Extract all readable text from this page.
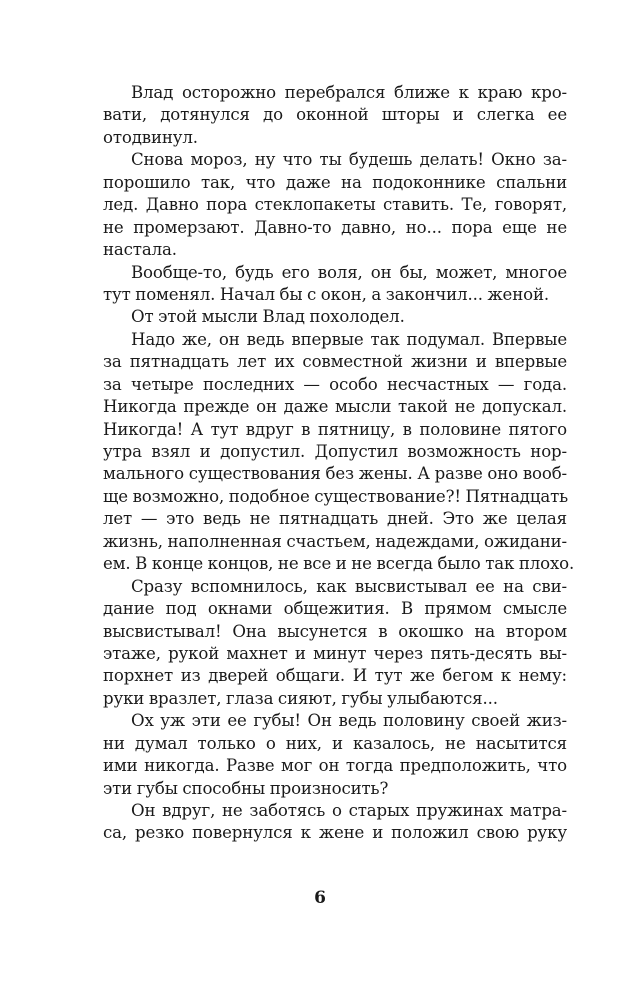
Влад осторожно перебрался ближе к краю кро-
вати, дотянулся до оконной шторы и слегка ее
отодвинул.
Снова мороз, ну что ты будешь делать! Окно за-
порошило так, что даже на подоконнике спальни
лед. Давно пора стеклопакеты ставить. Те, говорят,
не промерзают. Давно-то давно, но... пора еще не
настала.
Вообще-то, будь его воля, он бы, может, многое
тут поменял. Начал бы с окон, а закончил... женой.
От этой мысли Влад похолодел.
Надо же, он ведь впервые так подумал. Впервые
за пятнадцать лет их совместной жизни и впервые
за четыре последних — особо несчастных — года.
Никогда прежде он даже мысли такой не допускал.
Никогда! А тут вдруг в пятницу, в половине пятого
утра взял и допустил. Допустил возможность нор-
мального существования без жены. А разве оно вооб-
ще возможно, подобное существование?! Пятнадцать
лет — это ведь не пятнадцать дней. Это же целая
жизнь, наполненная счастьем, надеждами, ожидани-
ем. В конце концов, не все и не всегда было так плохо.
Сразу вспомнилось, как высвистывал ее на сви-
дание под окнами общежития. В прямом смысле
высвистывал! Она высунется в окошко на втором
этаже, рукой махнет и минут через пять-десять вы-
порхнет из дверей общаги. И тут же бегом к нему:
руки вразлет, глаза сияют, губы улыбаются...
Ох уж эти ее губы! Он ведь половину своей жиз-
ни думал только о них, и казалось, не насытится
ими никогда. Разве мог он тогда предположить, что
эти губы способны произносить?
Он вдруг, не заботясь о старых пружинах матра-
са, резко повернулся к жене и положил свою руку
6
